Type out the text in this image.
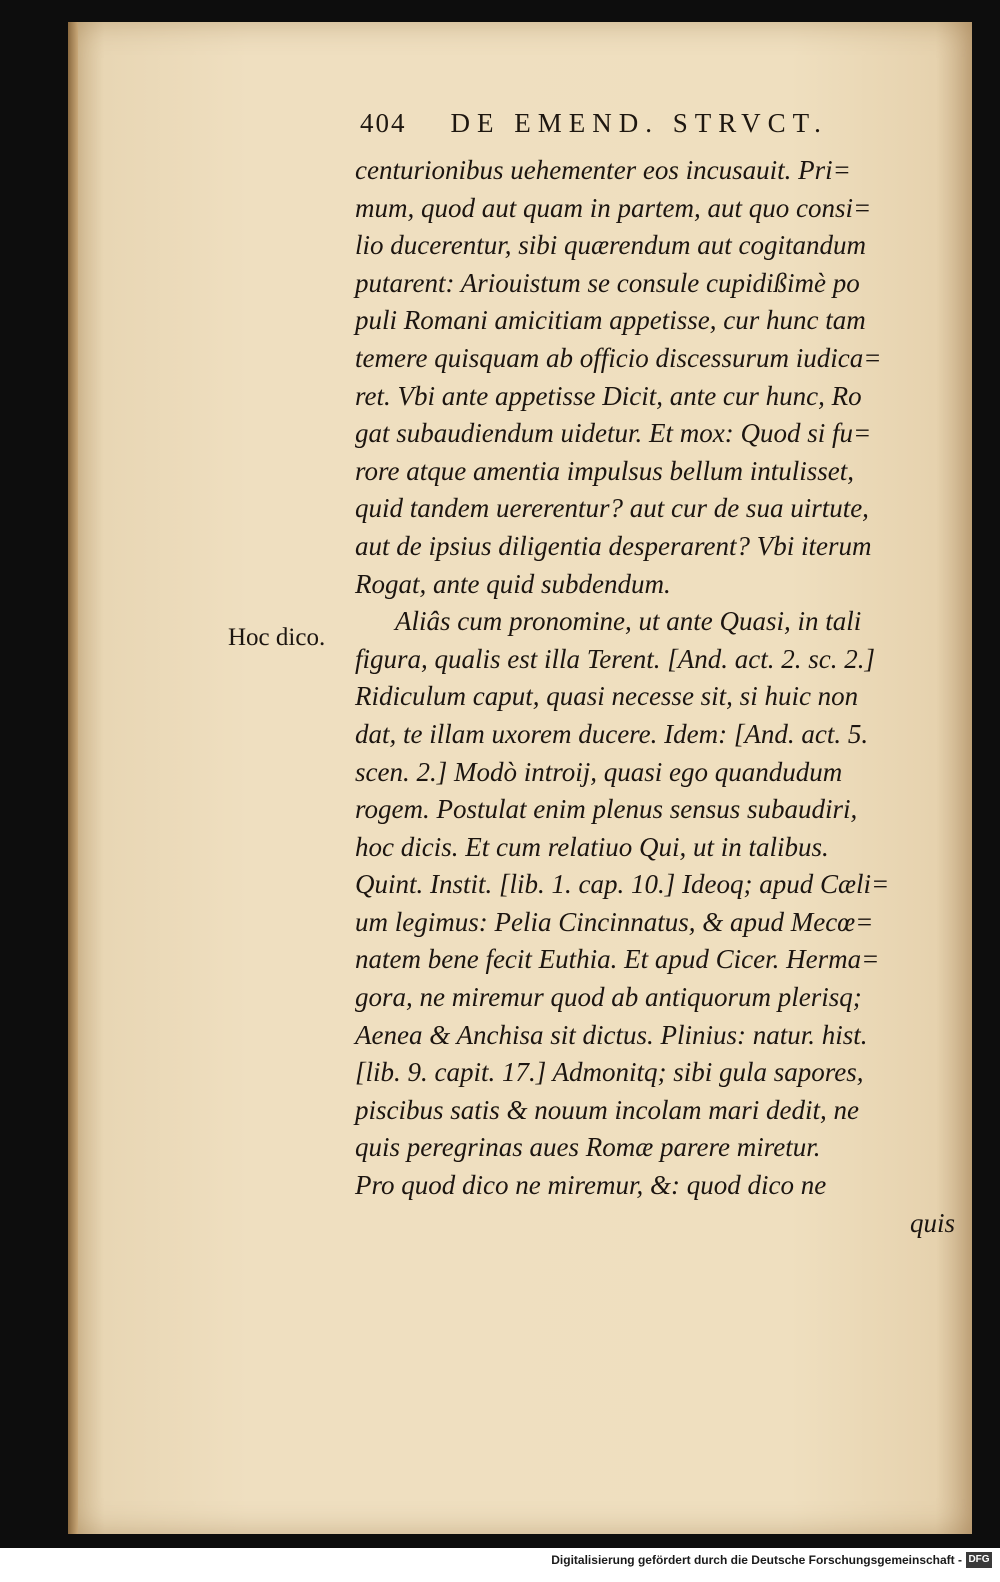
404 DE EMEND. STRVCT.
Hoc dico.
centurionibus uehementer eos incusauit. Pri=
mum, quod aut quam in partem, aut quo consi=
lio ducerentur, sibi quærendum aut cogitandum
putarent: Ariouistum se consule cupidißimè po
puli Romani amicitiam appetisse, cur hunc tam
temere quisquam ab officio discessurum iudica=
ret. Vbi ante appetisse Dicit, ante cur hunc, Ro
gat subaudiendum uidetur. Et mox: Quod si fu=
rore atque amentia impulsus bellum intulisset,
quid tandem uererentur? aut cur de sua uirtute,
aut de ipsius diligentia desperarent? Vbi iterum
Rogat, ante quid subdendum.
Aliâs cum pronomine, ut ante Quasi, in tali
figura, qualis est illa Terent. [And. act. 2. sc. 2.]
Ridiculum caput, quasi necesse sit, si huic non
dat, te illam uxorem ducere. Idem: [And. act. 5.
scen. 2.] Modò introij, quasi ego quandudum
rogem. Postulat enim plenus sensus subaudiri,
hoc dicis. Et cum relatiuo Qui, ut in talibus.
Quint. Instit. [lib. 1. cap. 10.] Ideoq; apud Cæli=
um legimus: Pelia Cincinnatus, & apud Mecœ=
natem bene fecit Euthia. Et apud Cicer. Herma=
gora, ne miremur quod ab antiquorum plerisq;
Aenea & Anchisa sit dictus. Plinius: natur. hist.
[lib. 9. capit. 17.] Admonitq; sibi gula sapores,
piscibus satis & nouum incolam mari dedit, ne
quis peregrinas aues Romæ parere miretur.
Pro quod dico ne miremur, &: quod dico ne
quis
Digitalisierung gefördert durch die Deutsche Forschungsgemeinschaft - DFG
